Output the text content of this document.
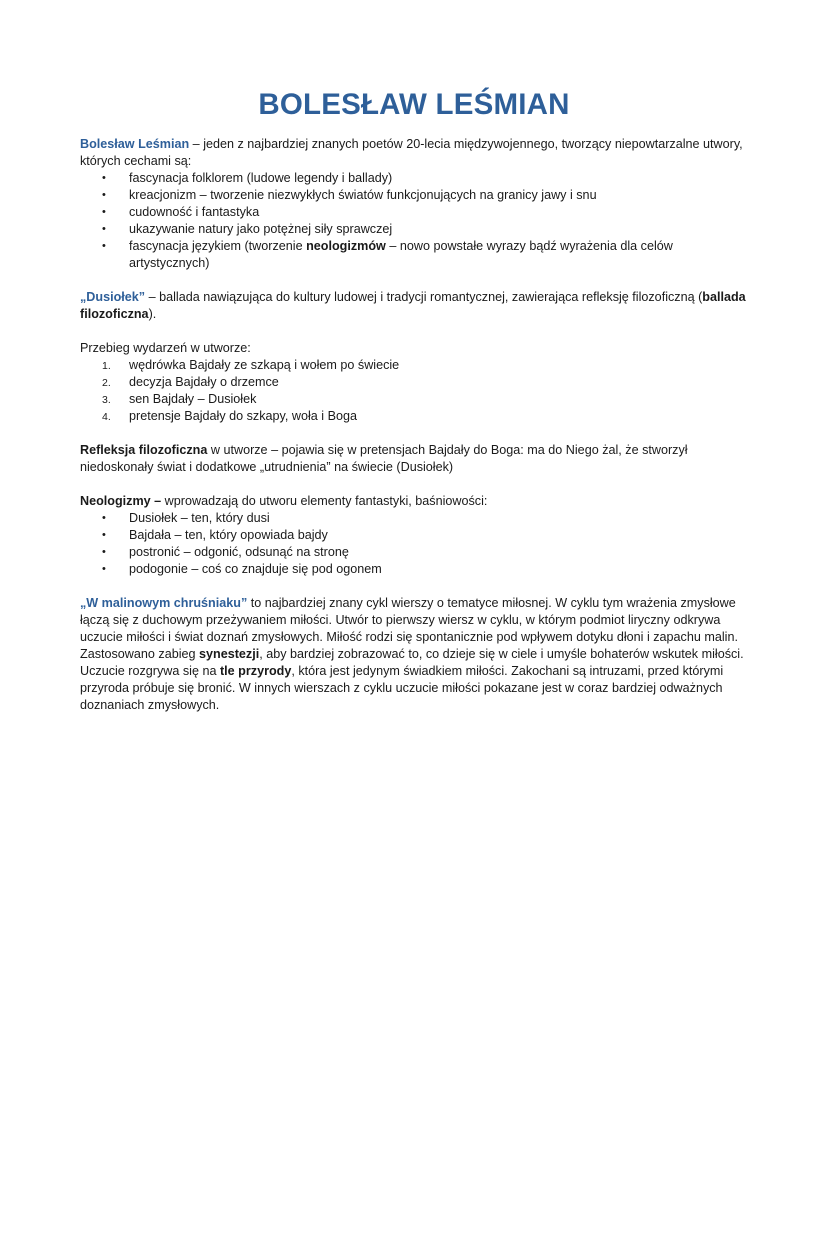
BOLESŁAW LEŚMIAN

Bolesław Leśmian – jeden z najbardziej znanych poetów 20-lecia międzywojennego, tworzący niepowtarzalne utwory, których cechami są:

• fascynacja folklorem (ludowe legendy i ballady)
• kreacjonizm – tworzenie niezwykłych światów funkcjonujących na granicy jawy i snu
• cudowność i fantastyka
• ukazywanie natury jako potężnej siły sprawczej
• fascynacja językiem (tworzenie neologizmów – nowo powstałe wyrazy bądź wyrażenia dla celów artystycznych)

„Dusiołek” – ballada nawiązująca do kultury ludowej i tradycji romantycznej, zawierająca refleksję filozoficzną (ballada filozoficzna).

Przebieg wydarzeń w utworze:

1. wędrówka Bajdały ze szkapą i wołem po świecie
2. decyzja Bajdały o drzemce
3. sen Bajdały – Dusiołek
4. pretensje Bajdały do szkapy, woła i Boga

Refleksja filozoficzna w utworze – pojawia się w pretensjach Bajdały do Boga: ma do Niego żal, że stworzył niedoskonały świat i dodatkowe „utrudnienia” na świecie (Dusiołek)

Neologizmy – wprowadzają do utworu elementy fantastyki, baśniowości:

• Dusiołek – ten, który dusi
• Bajdała – ten, który opowiada bajdy
• postronić – odgonić, odsunąć na stronę
• podogonie – coś co znajduje się pod ogonem

„W malinowym chruśniaku” to najbardziej znany cykl wierszy o tematyce miłosnej. W cyklu tym wrażenia zmysłowe łączą się z duchowym przeżywaniem miłości. Utwór to pierwszy wiersz w cyklu, w którym podmiot liryczny odkrywa uczucie miłości i świat doznań zmysłowych. Miłość rodzi się spontanicznie pod wpływem dotyku dłoni i zapachu malin. Zastosowano zabieg synestezji, aby bardziej zobrazować to, co dzieje się w ciele i umyśle bohaterów wskutek miłości. Uczucie rozgrywa się na tle przyrody, która jest jedynym świadkiem miłości. Zakochani są intruzami, przed którymi przyroda próbuje się bronić. W innych wierszach z cyklu uczucie miłości pokazane jest w coraz bardziej odważnych doznaniach zmysłowych.
